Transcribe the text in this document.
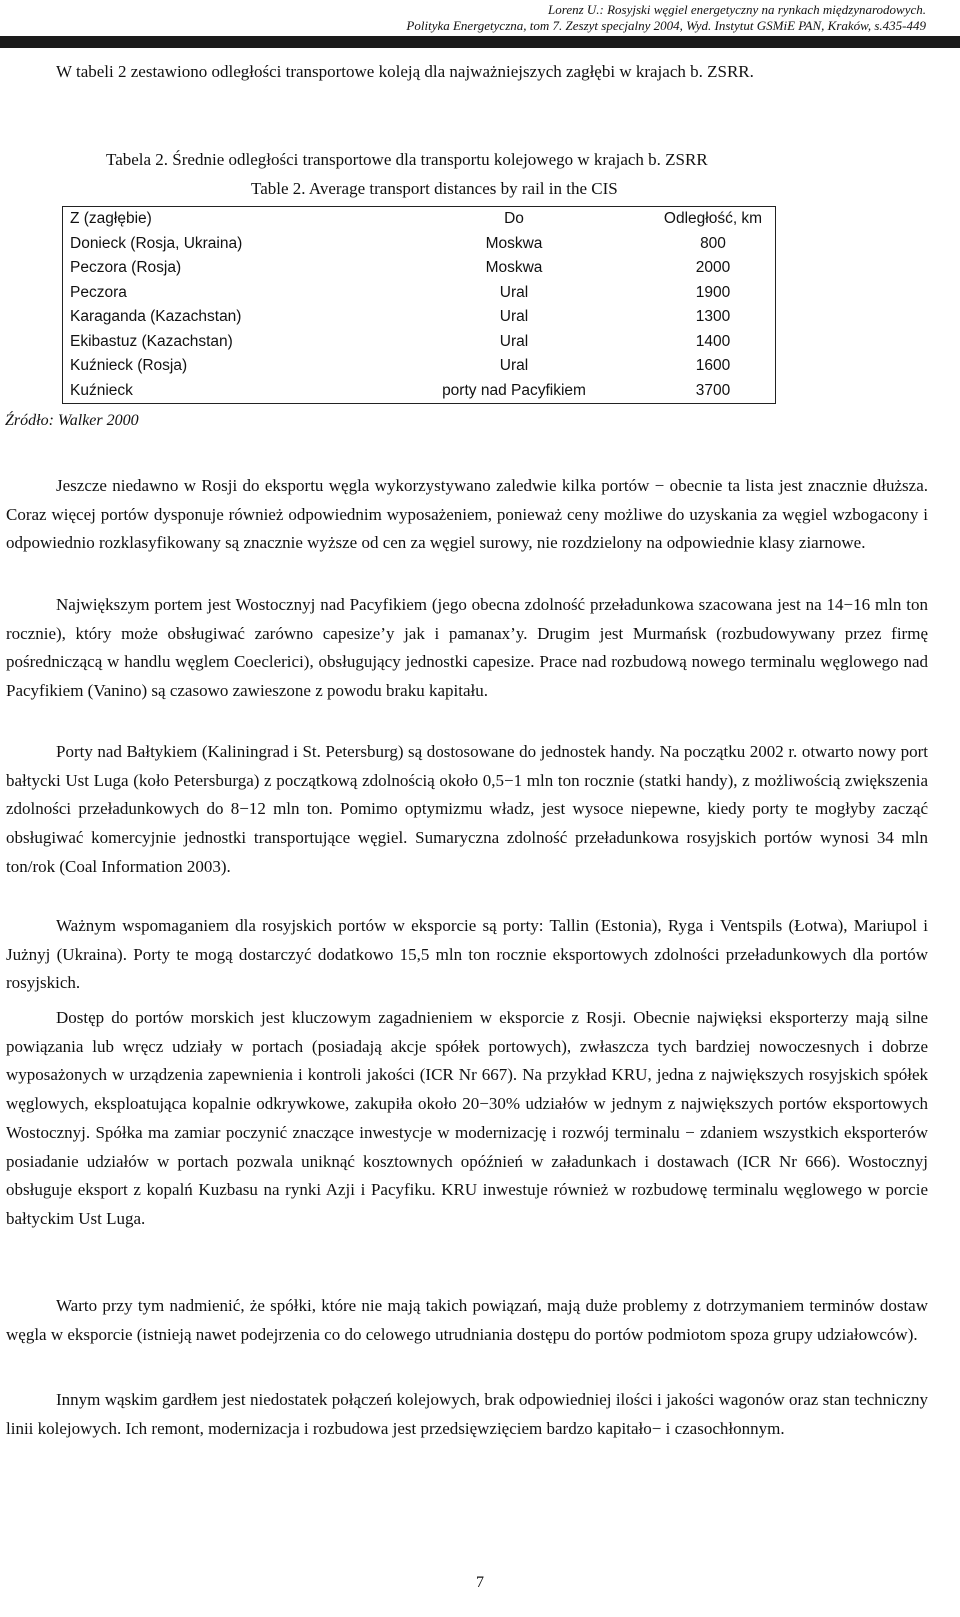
Lorenz U.: Rosyjski węgiel energetyczny na rynkach międzynarodowych.
Polityka Energetyczna, tom 7. Zeszyt specjalny 2004, Wyd. Instytut GSMiE PAN, Kraków, s.435-449
W tabeli 2 zestawiono odległości transportowe koleją dla najważniejszych zagłębi w krajach b. ZSRR.
Tabela 2. Średnie odległości transportowe dla transportu kolejowego w krajach b. ZSRR
Table 2. Average transport distances by rail in the CIS
Z (zagłębie)	Do	Odległość, km
Donieck (Rosja, Ukraina)	Moskwa	800
Peczora (Rosja)	Moskwa	2000
Peczora	Ural	1900
Karaganda (Kazachstan)	Ural	1300
Ekibastuz (Kazachstan)	Ural	1400
Kuźnieck (Rosja)	Ural	1600
Kuźnieck	porty nad Pacyfikiem	3700
Źródło: Walker 2000
Jeszcze niedawno w Rosji do eksportu węgla wykorzystywano zaledwie kilka portów − obecnie ta lista jest znacznie dłuższa. Coraz więcej portów dysponuje również odpowiednim wyposażeniem, ponieważ ceny możliwe do uzyskania za węgiel wzbogacony i odpowiednio rozklasyfikowany są znacznie wyższe od cen za węgiel surowy, nie rozdzielony na odpowiednie klasy ziarnowe.
Największym portem jest Wostocznyj nad Pacyfikiem (jego obecna zdolność przeładunkowa szacowana jest na 14−16 mln ton rocznie), który może obsługiwać zarówno capesize’y jak i pamanax’y. Drugim jest Murmańsk (rozbudowywany przez firmę pośredniczącą w handlu węglem Coeclerici), obsługujący jednostki capesize. Prace nad rozbudową nowego terminalu węglowego nad Pacyfikiem (Vanino) są czasowo zawieszone z powodu braku kapitału.
Porty nad Bałtykiem (Kaliningrad i St. Petersburg) są dostosowane do jednostek handy. Na początku 2002 r. otwarto nowy port bałtycki Ust Luga (koło Petersburga) z początkową zdolnością około 0,5−1 mln ton rocznie (statki handy), z możliwością zwiększenia zdolności przeładunkowych do 8−12 mln ton. Pomimo optymizmu władz, jest wysoce niepewne, kiedy porty te mogłyby zacząć obsługiwać komercyjnie jednostki transportujące węgiel. Sumaryczna zdolność przeładunkowa rosyjskich portów wynosi 34 mln ton/rok (Coal Information 2003).
Ważnym wspomaganiem dla rosyjskich portów w eksporcie są porty: Tallin (Estonia), Ryga i Ventspils (Łotwa), Mariupol i Jużnyj (Ukraina). Porty te mogą dostarczyć dodatkowo 15,5 mln ton rocznie eksportowych zdolności przeładunkowych dla portów rosyjskich.
Dostęp do portów morskich jest kluczowym zagadnieniem w eksporcie z Rosji. Obecnie najwięksi eksporterzy mają silne powiązania lub wręcz udziały w portach (posiadają akcje spółek portowych), zwłaszcza tych bardziej nowoczesnych i dobrze wyposażonych w urządzenia zapewnienia i kontroli jakości (ICR Nr 667). Na przykład KRU, jedna z największych rosyjskich spółek węglowych, eksploatująca kopalnie odkrywkowe, zakupiła około 20−30% udziałów w jednym z największych portów eksportowych Wostocznyj. Spółka ma zamiar poczynić znaczące inwestycje w modernizację i rozwój terminalu − zdaniem wszystkich eksporterów posiadanie udziałów w portach pozwala uniknąć kosztownych opóźnień w załadunkach i dostawach (ICR Nr 666). Wostocznyj obsługuje eksport z kopalń Kuzbasu na rynki Azji i Pacyfiku. KRU inwestuje również w rozbudowę terminalu węglowego w porcie bałtyckim Ust Luga.
Warto przy tym nadmienić, że spółki, które nie mają takich powiązań, mają duże problemy z dotrzymaniem terminów dostaw węgla w eksporcie (istnieją nawet podejrzenia co do celowego utrudniania dostępu do portów podmiotom spoza grupy udziałowców).
Innym wąskim gardłem jest niedostatek połączeń kolejowych, brak odpowiedniej ilości i jakości wagonów oraz stan techniczny linii kolejowych. Ich remont, modernizacja i rozbudowa jest przedsięwzięciem bardzo kapitało− i czasochłonnym.
7
